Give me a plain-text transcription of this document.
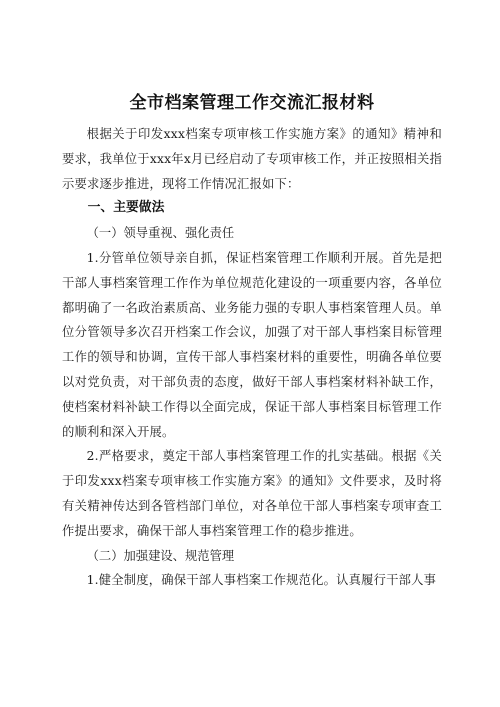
全市档案管理工作交流汇报材料

根据关于印发xxx档案专项审核工作实施方案》的通知》精神和要求，我单位于xxx年x月已经启动了专项审核工作，并正按照相关指示要求逐步推进，现将工作情况汇报如下：

一、主要做法

（一）领导重视、强化责任

1.分管单位领导亲自抓，保证档案管理工作顺利开展。首先是把干部人事档案管理工作作为单位规范化建设的一项重要内容，各单位都明确了一名政治素质高、业务能力强的专职人事档案管理人员。单位分管领导多次召开档案工作会议，加强了对干部人事档案目标管理工作的领导和协调，宣传干部人事档案材料的重要性，明确各单位要以对党负责，对干部负责的态度，做好干部人事档案材料补缺工作，使档案材料补缺工作得以全面完成，保证干部人事档案目标管理工作的顺利和深入开展。

2.严格要求，奠定干部人事档案管理工作的扎实基础。根据《关于印发xxx档案专项审核工作实施方案》的通知》文件要求，及时将有关精神传达到各管档部门单位，对各单位干部人事档案专项审查工作提出要求，确保干部人事档案管理工作的稳步推进。

（二）加强建设、规范管理

1.健全制度，确保干部人事档案工作规范化。认真履行干部人事
